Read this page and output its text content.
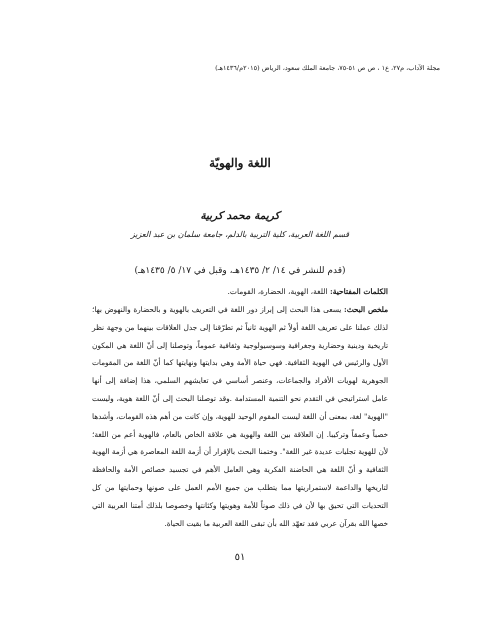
مجلة الآداب، م٢٧، ع١ ، ص ص ٥١-٧٥، جامعة الملك سعود، الرياض (٢٠١٥م/١٤٣٦هـ)
اللغة والهويّة
كريمة محمد كربية
قسم اللغة العربية، كلية التربية بالدلم، جامعة سلمان بن عبد العزيز
(قدم للنشر في ١٤/ ٢/ ١٤٣٥هـ، وقبل في ١٧/ ٥/ ١٤٣٥هـ)
الكلمات المفتاحية: اللغة، الهوية، الحضارة، القومات.
ملخص البحث: يسعى هذا البحث إلى إبراز دور اللغة في التعريف بالهوية و بالحضارة والنهوض بها؛ لذلك عملنا على تعريف اللغة أولاً ثم الهوية ثانياً ثم تطرّقنا إلى جدل العلاقات بينهما من وجهة نظر تاريخية ودينية وحضارية وجغرافية وسوسيولوجية وثقافية عموماً، وتوصلنا إلى أنّ اللغة هي المكون الأول والرئيس في الهوية الثقافية. فهي حياة الأمة وهي بدايتها ونهايتها كما أنّ اللغة من المقومات الجوهرية لهويات الأفراد والجماعات، وعنصر أساسي في تعايشهم السلمي، هذا إضافة إلى أنها عامل استراتيجي في التقدم نحو التنمية المستدامة .وقد توصلنا البحث إلى أنّ اللغة هوية، وليست "الهوية" لغة، بمعنى أن اللغة ليست المقوم الوحيد للهوية، وإن كانت من أهم هذه القومات، وأشدها خصباً وعمقاً وتركيبا. إن العلاقة بين اللغة والهوية هي علاقة الخاص بالعام، فالهوية أعم من اللغة؛ لأن للهوية تجليات عديدة غير اللغة". وختمنا البحث بالإقرار أن أزمة اللغة المعاصرة هي أزمة الهوية الثقافية و أنّ اللغة هي الحاضنة الفكرية وهي العامل الأهم في تجسيد خصائص الأمة والحافظة لتاريخها والداعمة لاستمراريتها مما يتطلب من جميع الأمم العمل على صونها وحمايتها من كل التحديات التي تحيق بها لأن في ذلك صوناً للأمة وهويتها وكثانتها وخصوصا بلذلك أمتنا العربية التي خصها الله بقرآن عربي فقد تعهّد الله بأن تبقى اللغة العربية ما بقيت الحياة.
٥١
